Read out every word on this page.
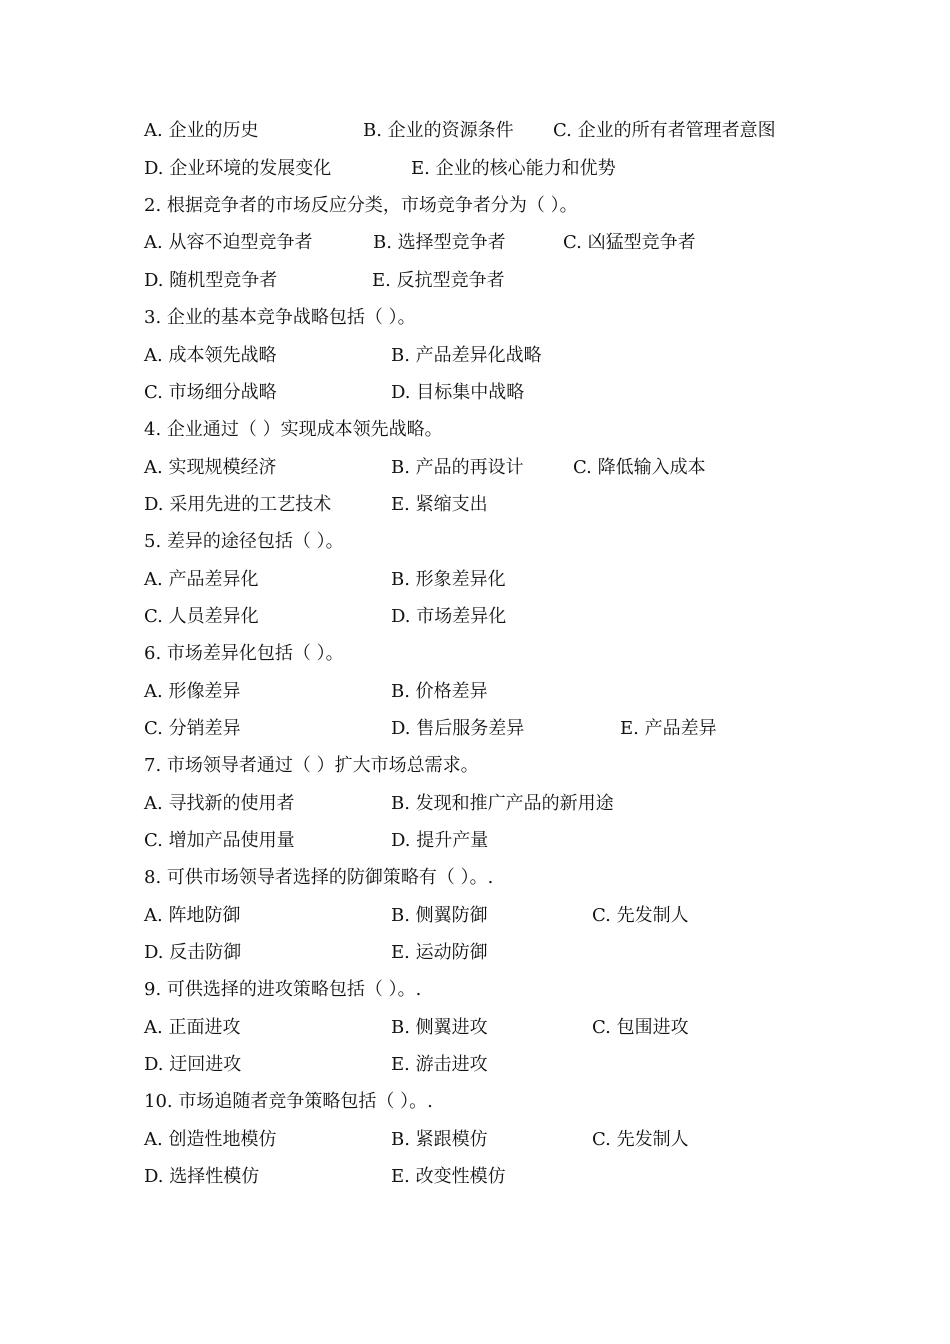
A. 企业的历史	B. 企业的资源条件 C. 企业的所有者管理者意图
D. 企业环境的发展变化	E. 企业的核心能力和优势
2. 根据竞争者的市场反应分类，市场竞争者分为（ ）。
A. 从容不迫型竞争者	B. 选择型竞争者	C. 凶猛型竞争者
D. 随机型竞争者	E. 反抗型竞争者
3. 企业的基本竞争战略包括（ ）。
A. 成本领先战略	B. 产品差异化战略
C. 市场细分战略	D. 目标集中战略
4. 企业通过（ ）实现成本领先战略。
A. 实现规模经济	B. 产品的再设计	C. 降低输入成本
D. 采用先进的工艺技术	E. 紧缩支出
5. 差异的途径包括（ ）。
A. 产品差异化	B. 形象差异化
C. 人员差异化	D. 市场差异化
6. 市场差异化包括（ ）。
A. 形像差异	B. 价格差异
C. 分销差异	D. 售后服务差异	E. 产品差异
7. 市场领导者通过（ ）扩大市场总需求。
A. 寻找新的使用者	B. 发现和推广产品的新用途
C. 增加产品使用量	D. 提升产量
8. 可供市场领导者选择的防御策略有（ ）。.
A. 阵地防御	B. 侧翼防御	C. 先发制人
D. 反击防御	E. 运动防御
9. 可供选择的进攻策略包括（ ）。.
A. 正面进攻	B. 侧翼进攻	C. 包围进攻
D. 迂回进攻	E. 游击进攻
10. 市场追随者竞争策略包括（ ）。.
A. 创造性地模仿	B. 紧跟模仿	C. 先发制人
D. 选择性模仿	E. 改变性模仿
